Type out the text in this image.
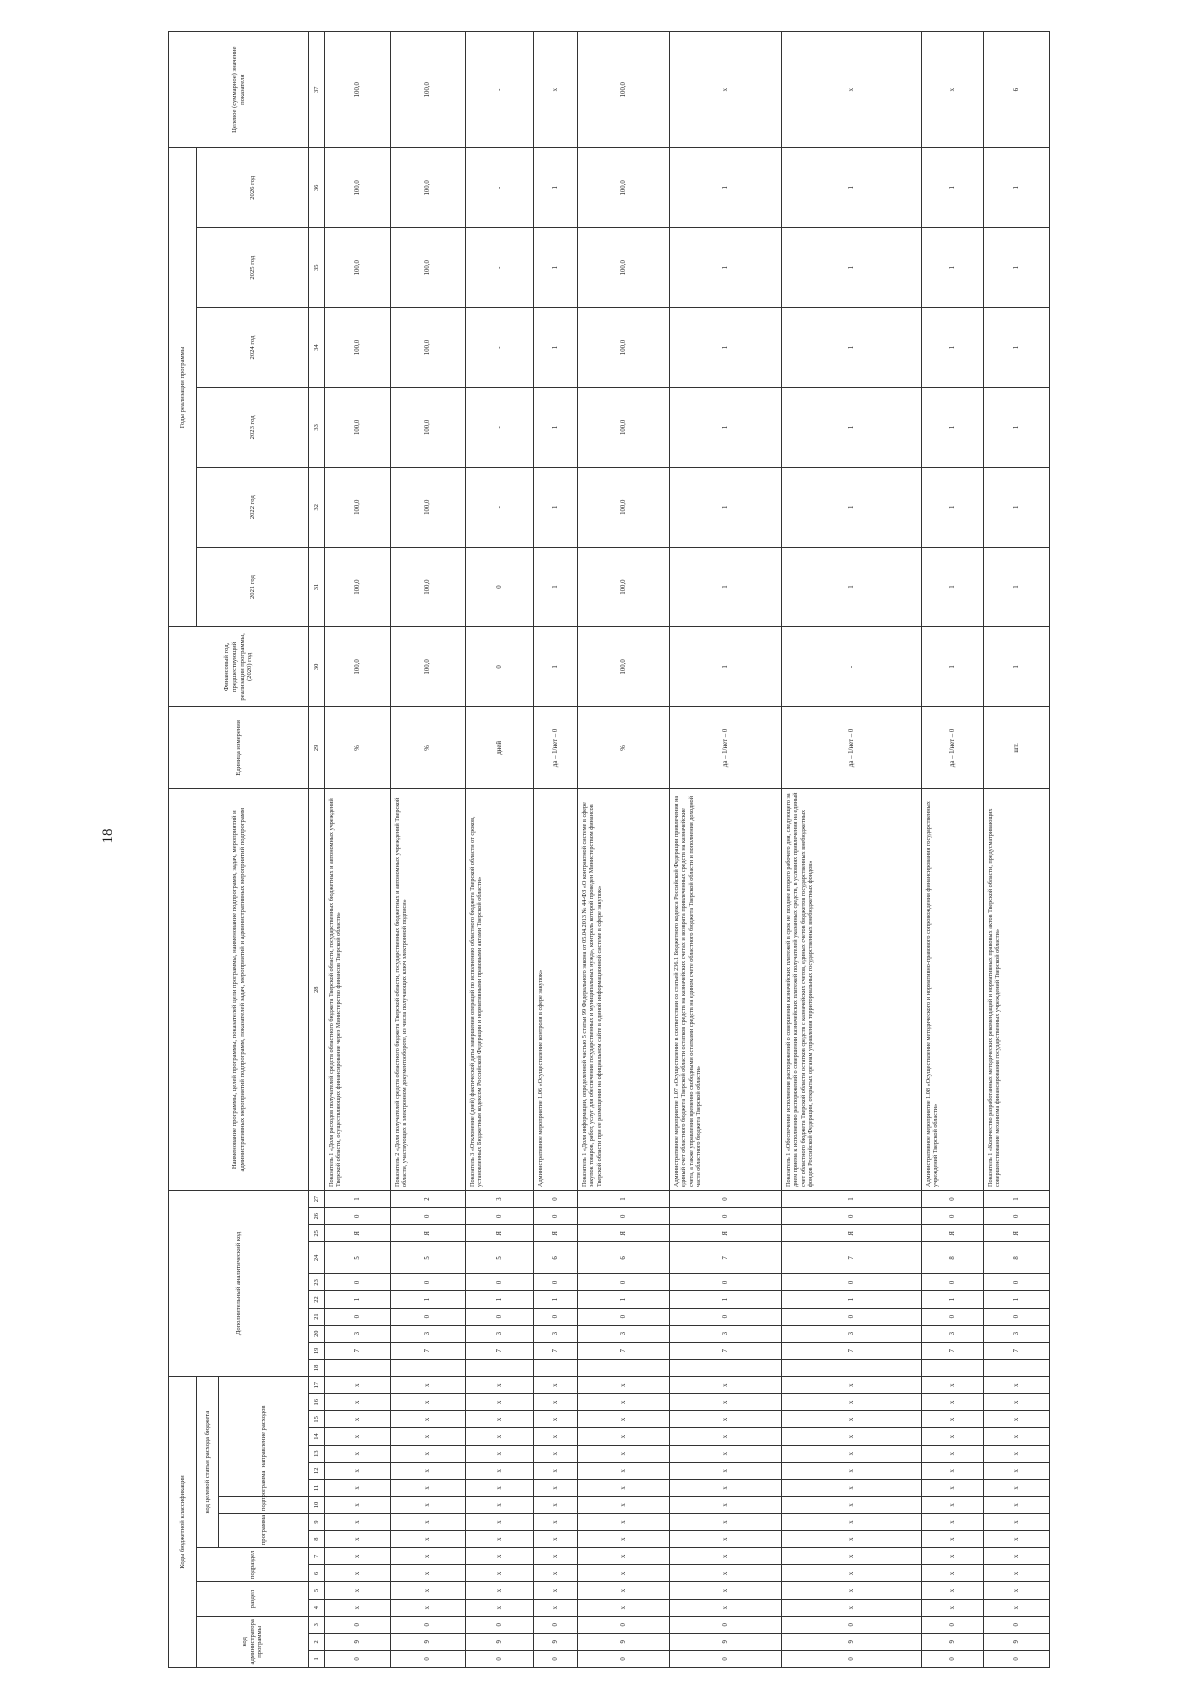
18
Коды бюджетной классификации																	Дополнительный аналитический код										Наименование программы, целей программы, показателей цели программы, наименование подпрограмм, задач, мероприятий и административных мероприятий подпрограмм, показателей задач, мероприятий и административных мероприятий подпрограмм	Единица измерения	Финансовый год, предшествующий реализации программы, (2020) год	Годы реализации программы						Целевое (суммарное) значение показателя
код администратора программы			раздел		подраздел		код целевой статьи расхода бюджета																							2021 год	2022 год	2023 год	2024 год	2025 год	2026 год	
							программа		подпрограмма	направление расходов																										
1	2	3	4	5	6	7	8	9	10	11	12	13	14	15	16	17	18	19	20	21	22	23	24	25	26	27	28	29	30	31	32	33	34	35	36	37
0	9	0	x	x	x	x	x	x	x	x	x	x	x	x	x	x		7	3	0	1	0	5	Я	0	1	Показатель 1 «Доля расходов получателей средств областного бюджета Тверской области, государственных бюджетных и автономных учреждений Тверской области, осуществляющих финансирование через Министерство финансов Тверской области»	%	100,0	100,0	100,0	100,0	100,0	100,0	100,0	100,0
0	9	0	x	x	x	x	x	x	x	x	x	x	x	x	x	x		7	3	0	1	0	5	Я	0	2	Показатель 2 «Доля получателей средств областного бюджета Тверской области, государственных бюджетных и автономных учреждений Тверской области, участвующих в электронном документообороте, из числа получающих ключ электронной подписи»	%	100,0	100,0	100,0	100,0	100,0	100,0	100,0	100,0
0	9	0	x	x	x	x	x	x	x	x	x	x	x	x	x	x		7	3	0	1	0	5	Я	0	3	Показатель 3 «Отклонение (дней) фактической даты завершения операций по исполнению областного бюджета Тверской области от сроков, установленных Бюджетным кодексом Российской Федерации и нормативными правовыми актами Тверской области»	дней	0	0	-	-	-	-	-	-
0	9	0	x	x	x	x	x	x	x	x	x	x	x	x	x	x		7	3	0	1	0	6	Я	0	0	Административное мероприятие 1.06 «Осуществление контроля в сфере закупок»	да – 1/нет – 0	1	1	1	1	1	1	1	x
0	9	0	x	x	x	x	x	x	x	x	x	x	x	x	x	x		7	3	0	1	0	6	Я	0	1	Показатель 1 «Доля информации, определенной частью 5 статьи 99 Федерального закона от 05.04.2013 № 44-ФЗ «О контрактной системе в сфере закупок товаров, работ, услуг для обеспечения государственных и муниципальных нужд», контроль которой проведен Министерством финансов Тверской области при ее размещении на официальном сайте в единой информационной системе в сфере закупок»	%	100,0	100,0	100,0	100,0	100,0	100,0	100,0	100,0
0	9	0	x	x	x	x	x	x	x	x	x	x	x	x	x	x		7	3	0	1	0	7	Я	0	0	Административное мероприятие 1.07 «Осуществление в соответствии со статьей 236.1 Бюджетного кодекса Российской Федерации привлечения на единый счет областного бюджета Тверской области остатков средств на казначейских счетах и возврата привлеченных средств на казначейские счета, а также управления временно свободными остатками средств на едином счете областного бюджета Тверской области и пополнения доходной части областного бюджета Тверской области»	да – 1/нет – 0	1	1	1	1	1	1	1	x
0	9	0	x	x	x	x	x	x	x	x	x	x	x	x	x	x		7	3	0	1	0	7	Я	0	1	Показатель 1 «Обеспечение исполнения распоряжений о совершении казначейских платежей в срок не позднее второго рабочего дня, следующего за днем приема к исполнению распоряжений о совершении казначейских платежей получателей указанных средств, в условиях привлечения на единый счет областного бюджета Тверской области остатков средств с казначейских счетов, единых счетов бюджетов государственных внебюджетных фондов Российской Федерации, открытых органам управления территориальных государственных внебюджетных фондов»	да – 1/нет – 0	-	1	1	1	1	1	1	x
0	9	0	x	x	x	x	x	x	x	x	x	x	x	x	x	x		7	3	0	1	0	8	Я	0	0	Административное мероприятие 1.08 «Осуществление методического и нормативно-правового сопровождения финансирования государственных учреждений Тверской области»	да – 1/нет – 0	1	1	1	1	1	1	1	x
0	9	0	x	x	x	x	x	x	x	x	x	x	x	x	x	x		7	3	0	1	0	8	Я	0	1	Показатель 1 «Количество разработанных методических рекомендаций и нормативных правовых актов Тверской области, предусматривающих совершенствование механизма финансирования государственных учреждений Тверской области»	шт.	1	1	1	1	1	1	1	6
